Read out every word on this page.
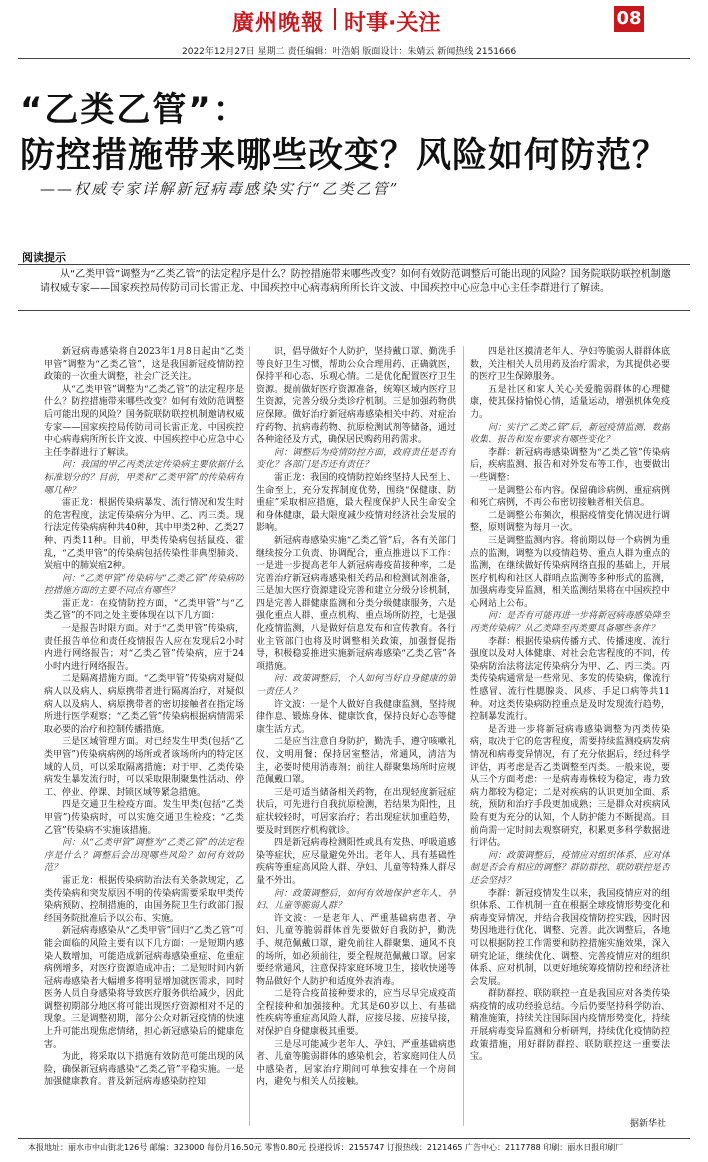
廣州晚報 时事·关注	08
2022年12月27日 星期二 责任编辑：叶浩娟 版面设计：朱婧云 新闻热线 2151666
“乙类乙管”：
防控措施带来哪些改变？风险如何防范？
——权威专家详解新冠病毒感染实行“乙类乙管”
阅读提示
从“乙类甲管”调整为“乙类乙管”的法定程序是什么？防控措施带来哪些改变？如何有效防范调整后可能出现的风险？国务院联防联控机制邀请权威专家——国家疾控局传防司司长雷正龙、中国疾控中心病毒病所所长许文波、中国疾控中心应急中心主任李群进行了解读。

新冠病毒感染将自2023年1月8日起由“乙类甲管”调整为“乙类乙管”，这是我国新冠疫情防控政策的一次重大调整，社会广泛关注。

从“乙类甲管”调整为“乙类乙管”的法定程序是什么？防控措施带来哪些改变？如何有效防范调整后可能出现的风险？国务院联防联控机制邀请权威专家——国家疾控局传防司司长雷正龙、中国疾控中心病毒病所所长许文波、中国疾控中心应急中心主任李群进行了解读。

问：我国的甲乙丙类法定传染病主要依据什么标准划分的？目前，甲类和“乙类甲管”的传染病有哪几种？

雷正龙：根据传染病暴发、流行情况和发生时的危害程度，法定传染病分为甲、乙、丙三类。现行法定传染病病种共40种，其中甲类2种、乙类27种、丙类11种。目前，甲类传染病包括鼠疫、霍乱，“乙类甲管”的传染病包括传染性非典型肺炎、炭疽中的肺炭疽2种。

问：“乙类甲管”传染病与“乙类乙管”传染病防控措施方面的主要不同点有哪些？

雷正龙：在疫情防控方面，“乙类甲管”与“乙类乙管”的不同之处主要体现在以下几方面：

一是报告时限方面。对于“乙类甲管”传染病，责任报告单位和责任疫情报告人应在发现后2小时内进行网络报告；对“乙类乙管”传染病，应于24小时内进行网络报告。

二是隔离措施方面。“乙类甲管”传染病对疑似病人以及病人、病原携带者进行隔离治疗，对疑似病人以及病人、病原携带者的密切接触者在指定场所进行医学观察；“乙类乙管”传染病根据病情需采取必要的治疗和控制传播措施。

三是区域管理方面。对已经发生甲类(包括“乙类甲管”)传染病病例的场所或者该场所内的特定区域的人员，可以采取隔离措施；对于甲、乙类传染病发生暴发流行时，可以采取限制聚集性活动、停工、停业、停课、封锁区域等紧急措施。

四是交通卫生检疫方面。发生甲类(包括“乙类甲管”)传染病时，可以实施交通卫生检疫；“乙类乙管”传染病不实施该措施。

问：从“乙类甲管”调整为“乙类乙管”的法定程序是什么？调整后会出现哪些风险？如何有效防范？

雷正龙：根据传染病防治法有关条款规定，乙类传染病和突发原因不明的传染病需要采取甲类传染病预防、控制措施的，由国务院卫生行政部门报经国务院批准后予以公布、实施。

新冠病毒感染从“乙类甲管”回归“乙类乙管”可能会面临的风险主要有以下几方面：一是短期内感染人数增加，可能造成新冠病毒感染重症、危重症病例增多，对医疗资源造成冲击；二是短时间内新冠病毒感染者大幅增多将明显增加就医需求，同时医务人员自身感染将导致医疗服务供给减少，因此调整初期部分地区将可能出现医疗资源相对不足的现象。三是调整初期，部分公众对新冠疫情的快速上升可能出现焦虑情绪，担心新冠感染后的健康危害。

为此，将采取以下措施有效防范可能出现的风险，确保新冠病毒感染“乙类乙管”平稳实施。一是加强健康教育。普及新冠病毒感染防控知

识，倡导做好个人防护，坚持戴口罩、勤洗手等良好卫生习惯，帮助公众合理用药、正确就医，保持平和心态、乐观心情。二是优化配置医疗卫生资源。提前做好医疗资源准备，统筹区域内医疗卫生资源，完善分级分类诊疗机制。三是加强药物供应保障。做好治疗新冠病毒感染相关中药、对症治疗药物、抗病毒药物、抗原检测试剂等储备，通过各种途径及方式，确保居民购药用药需求。

问：调整后为疫情防控方面，政府责任是否有变化？各部门是否还有责任？

雷正龙：我国的疫情防控始终坚持人民至上、生命至上，充分发挥制度优势，围绕“保健康、防重症”采取相应措施，最大程度保护人民生命安全和身体健康，最大限度减少疫情对经济社会发展的影响。

新冠病毒感染实施“乙类乙管”后，各有关部门继续按分工负责、协调配合，重点推进以下工作：一是进一步提高老年人新冠病毒疫苗接种率，二是完善治疗新冠病毒感染相关药品和检测试剂准备，三是加大医疗资源建设完善和建立分级分诊机制，四是完善人群健康监测和分类分级健康服务，六是强化重点人群、重点机构、重点场所防控，七是强化疫情监测，八是做好信息发布和宣传教育。各行业主管部门也将及时调整相关政策，加强督促指导，积极稳妥推进实施新冠病毒感染“乙类乙管”各项措施。

问：政策调整后，个人如何当好自身健康的第一责任人？

许文波：一是个人做好自我健康监测，坚持规律作息、锻炼身体、健康饮食，保持良好心态等健康生活方式。

二是应当注意自身防护，勤洗手、遵守咳嗽礼仪、文明用餐；保持居室整洁，常通风，清洁为主，必要时使用消毒剂；前往人群聚集场所时应规范佩戴口罩。

三是可适当储备相关药物，在出现轻度新冠症状后，可先进行自我抗原检测，若结果为阳性，且症状较轻时，可居家治疗；若出现症状加重趋势，要及时到医疗机构就诊。

四是新冠病毒检测阳性或具有发热、呼吸道感染等症状，应尽量避免外出。老年人、具有基础性疾病等重症高风险人群、孕妇、儿童等特殊人群尽量不外出。

问：政策调整后，如何有效地保护老年人、孕妇、儿童等脆弱人群？

许文波：一是老年人、严重基础病患者、孕妇、儿童等脆弱群体首先要做好自我防护，勤洗手、规范佩戴口罩，避免前往人群聚集、通风不良的场所，如必须前往，要全程规范佩戴口罩。居家要经常通风，注意保持家庭环境卫生，接收快递等物品做好个人防护和适度外表消毒。

二是符合疫苗接种要求的，应当尽早完成疫苗全程接种和加强接种。尤其是60岁以上、有基础性疾病等重症高风险人群，应接尽接、应接早接，对保护自身健康极其重要。

三是尽可能减少老年人、孕妇、严重基础病患者、儿童等脆弱群体的感染机会，若家庭同住人员中感染者，居家治疗期间可单独安排在一个房间内，避免与相关人员接触。

四是社区摸清老年人、孕妇等脆弱人群群体底数，关注相关人员用药及治疗需求，为其提供必要的医疗卫生保障服务。

五是社区和家人关心关爱脆弱群体的心理健康，使其保持愉悦心情，适量运动，增强机体免疫力。

问：实行“乙类乙管”后，新冠疫情监测、数据收集、报告和发布要求有哪些变化？

李群：新冠病毒感染调整为“乙类乙管”传染病后，疾病监测、报告和对外发布等工作，也要做出一些调整：

一是调整公布内容。保留确诊病例、重症病例和死亡病例，不再公布密切接触者相关信息。

二是调整公布频次，根据疫情变化情况进行调整，原则调整为每月一次。

三是调整监测内容。将前期以每一个病例为重点的监测，调整为以疫情趋势、重点人群为重点的监测，在继续做好传染病网络直报的基础上，开展医疗机构和社区人群哨点监测等多种形式的监测，加强病毒变异监测，相关监测结果将在中国疾控中心网站上公布。

问：是否有可能再进一步将新冠病毒感染降至丙类传染病？从乙类降至丙类要具备哪些条件？

李群：根据传染病传播方式、传播速度、流行强度以及对人体健康、对社会危害程度的不同，传染病防治法将法定传染病分为甲、乙、丙三类。丙类传染病通常是一些常见、多发的传染病，像流行性感冒、流行性腮腺炎、风疹、手足口病等共11种。对这类传染病防控重点是及时发现流行趋势，控制暴发流行。

是否进一步将新冠病毒感染调整为丙类传染病，取决于它的危害程度，需要持续监测疫病发病情况和病毒变异情况，有了充分依据后，经过科学评估，再考虑是否乙类调整至丙类。一般来说，要从三个方面考虑：一是病毒毒株较为稳定，毒力致病力都较为稳定；二是对疾病的认识更加全面、系统，预防和治疗手段更加成熟；三是群众对疾病风险有更为充分的认知，个人防护能力不断提高。目前尚需一定时间去观察研究，积累更多科学数据进行评估。

问：政策调整后，疫情应对组织体系、应对体制是否会有相应的调整？群防群控、联防联控是否还会坚持？

李群：新冠疫情发生以来，我国疫情应对的组织体系、工作机制一直在根据全球疫情形势变化和病毒变异情况，并结合我国疫情防控实践，因时因势因地进行优化、调整、完善。此次调整后，各地可以根据防控工作需要和防控措施实施效果，深入研究论证，继续优化、调整、完善疫情应对的组织体系、应对机制，以更好地统筹疫情防控和经济社会发展。

群防群控、联防联控一直是我国应对各类传染病疫情的成功经验总结。今后仍要坚持科学防治、精准施策，持续关注国际国内疫情形势变化，持续开展病毒变异监测和分析研判，持续优化疫情防控政策措施，用好群防群控、联防联控这一重要法宝。

据新华社
本报地址：丽水市中山街北126号 邮编：323000 每份月16.50元 零售0.80元 投递投诉：2155747 订报热线：2121465 广告中心：2117788 印刷：丽水日报印刷厂
